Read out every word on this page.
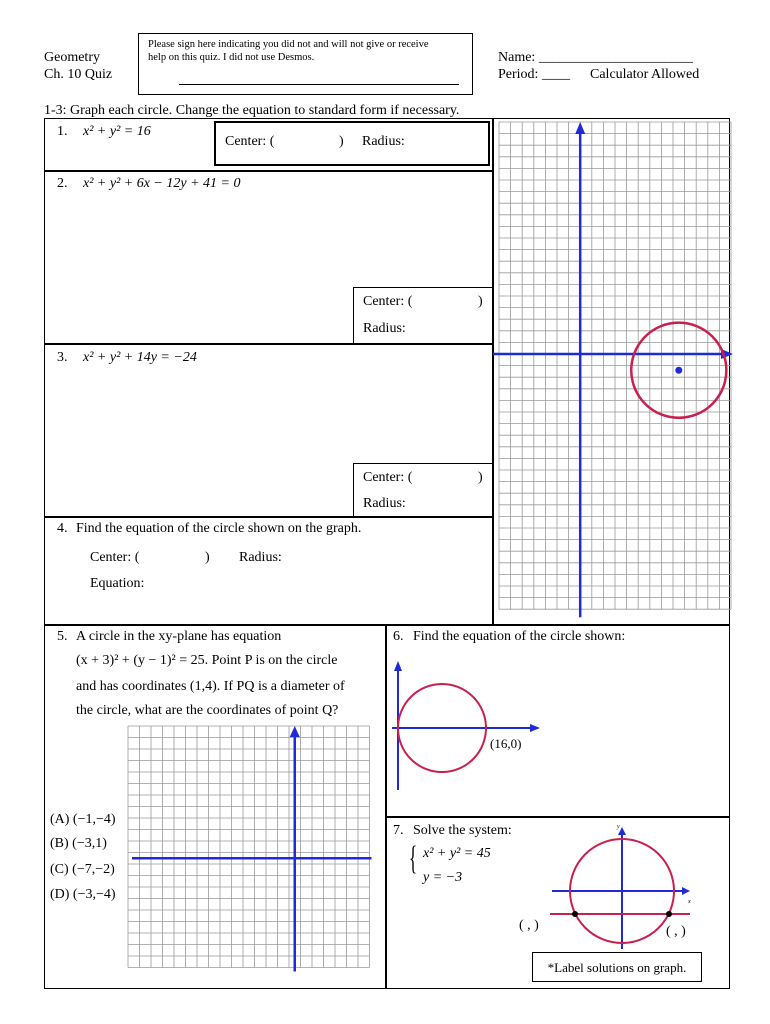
Geometry
Ch. 10 Quiz
Please sign here indicating you did not and will not give or receive
help on this quiz. I did not use Desmos.	Name: ______________________
Period: ____ Calculator Allowed
1-3: Graph each circle. Change the equation to standard form if necessary.
1. x² + y² = 16
Center: (	) Radius:
2. x² + y² + 6x − 12y + 41 = 0
Center: (	)
Radius:
3. x² + y² + 14y = −24
Center: (	)
Radius:
4. Find the equation of the circle shown on the graph.
Center: (	) Radius:
Equation:
5. A circle in the xy-plane has equation
(x + 3)² + (y − 1)² = 25. Point P is on the circle
and has coordinates (1,4). If PQ is a diameter of
the circle, what are the coordinates of point Q?
(A) (−1,−4)
(B) (−3,1)
(C) (−7,−2)
(D) (−3,−4)
6. Find the equation of the circle shown:
(16,0)
7. Solve the system:
{ x² + y² = 45
y = −3
( , )	( , )
y
x
*Label solutions on graph.
